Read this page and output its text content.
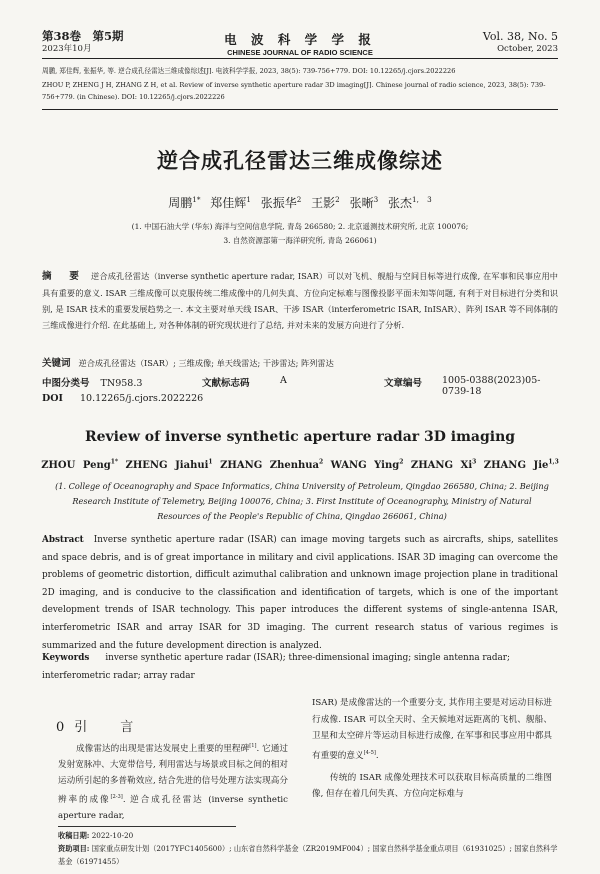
第38卷　第5期
2023年10月
电 波 科 学 学 报
CHINESE JOURNAL OF RADIO SCIENCE
Vol. 38, No. 5
October, 2023
周鹏, 郑佳辉, 张振华, 等. 逆合成孔径雷达三维成像综述[J]. 电波科学学报, 2023, 38(5): 739-756+779. DOI: 10.12265/j.cjors.2022226
ZHOU P, ZHENG J H, ZHANG Z H, et al. Review of inverse synthetic aperture radar 3D imaging[J]. Chinese journal of radio science, 2023, 38(5): 739-756+779. (in Chinese). DOI: 10.12265/j.cjors.2022226
逆合成孔径雷达三维成像综述
周鹏$^{1*}$ 郑佳辉$^1$ 张振华$^2$ 王影$^2$ 张晰$^3$ 张杰$^{1, 3}$
(1. 中国石油大学 (华东) 海洋与空间信息学院, 青岛 266580; 2. 北京遥测技术研究所, 北京 100076;
3. 自然资源部第一海洋研究所, 青岛 266061)
摘　要 逆合成孔径雷达（inverse synthetic aperture radar, ISAR）可以对飞机、舰船与空间目标等进行成像, 在军事和民事应用中具有重要的意义. ISAR 三维成像可以克服传统二维成像中的几何失真、方位向定标难与图像投影平面未知等问题, 有利于对目标进行分类和识别, 是 ISAR 技术的重要发展趋势之一. 本文主要对单天线 ISAR、干涉 ISAR（interferometric ISAR, InISAR）、阵列 ISAR 等不同体制的三维成像进行介绍. 在此基础上, 对各种体制的研究现状进行了总结, 并对未来的发展方向进行了分析.
关键词 逆合成孔径雷达（ISAR）; 三维成像; 单天线雷达; 干涉雷达; 阵列雷达
中图分类号 TN958.3	文献标志码	A	文章编号 1005-0388(2023)05-0739-18
DOI 10.12265/j.cjors.2022226
Review of inverse synthetic aperture radar 3D imaging
ZHOU Peng$^{1*}$ ZHENG Jiahui$^1$ ZHANG Zhenhua$^2$ WANG Ying$^2$ ZHANG Xi$^3$ ZHANG Jie$^{1,3}$
(1. College of Oceanography and Space Informatics, China University of Petroleum, Qingdao 266580, China; 2. Beijing Research Institute of Telemetry, Beijing 100076, China; 3. First Institute of Oceanography, Ministry of Natural Resources of the People's Republic of China, Qingdao 266061, China)
Abstract Inverse synthetic aperture radar (ISAR) can image moving targets such as aircrafts, ships, satellites and space debris, and is of great importance in military and civil applications. ISAR 3D imaging can overcome the problems of geometric distortion, difficult azimuthal calibration and unknown image projection plane in traditional 2D imaging, and is conducive to the classification and identification of targets, which is one of the important development trends of ISAR technology. This paper introduces the different systems of single-antenna ISAR, interferometric ISAR and array ISAR for 3D imaging. The current research status of various regimes is summarized and the future development direction is analyzed.
Keywords inverse synthetic aperture radar (ISAR); three-dimensional imaging; single antenna radar; interferometric radar; array radar
0引　言
成像雷达的出现是雷达发展史上重要的里程碑[1]. 它通过发射宽脉冲、大宽带信号, 利用雷达与场景或目标之间的相对运动所引起的多普勒效应, 结合先进的信号处理方法实现高分辨率的成像[2-3]. 逆合成孔径雷达 (inverse synthetic aperture radar,

ISAR) 是成像雷达的一个重要分支, 其作用主要是对运动目标进行成像. ISAR 可以全天时、全天候地对远距离的飞机、舰船、卫星和太空碎片等运动目标进行成像, 在军事和民事应用中都具有重要的意义[4-5].

传统的 ISAR 成像处理技术可以获取目标高质量的二维图像, 但存在着几何失真、方位向定标难与

收稿日期: 2022-10-20
资助项目: 国家重点研发计划（2017YFC1405600）; 山东省自然科学基金（ZR2019MF004）; 国家自然科学基金重点项目（61931025）; 国家自然科学基金（61971455）
